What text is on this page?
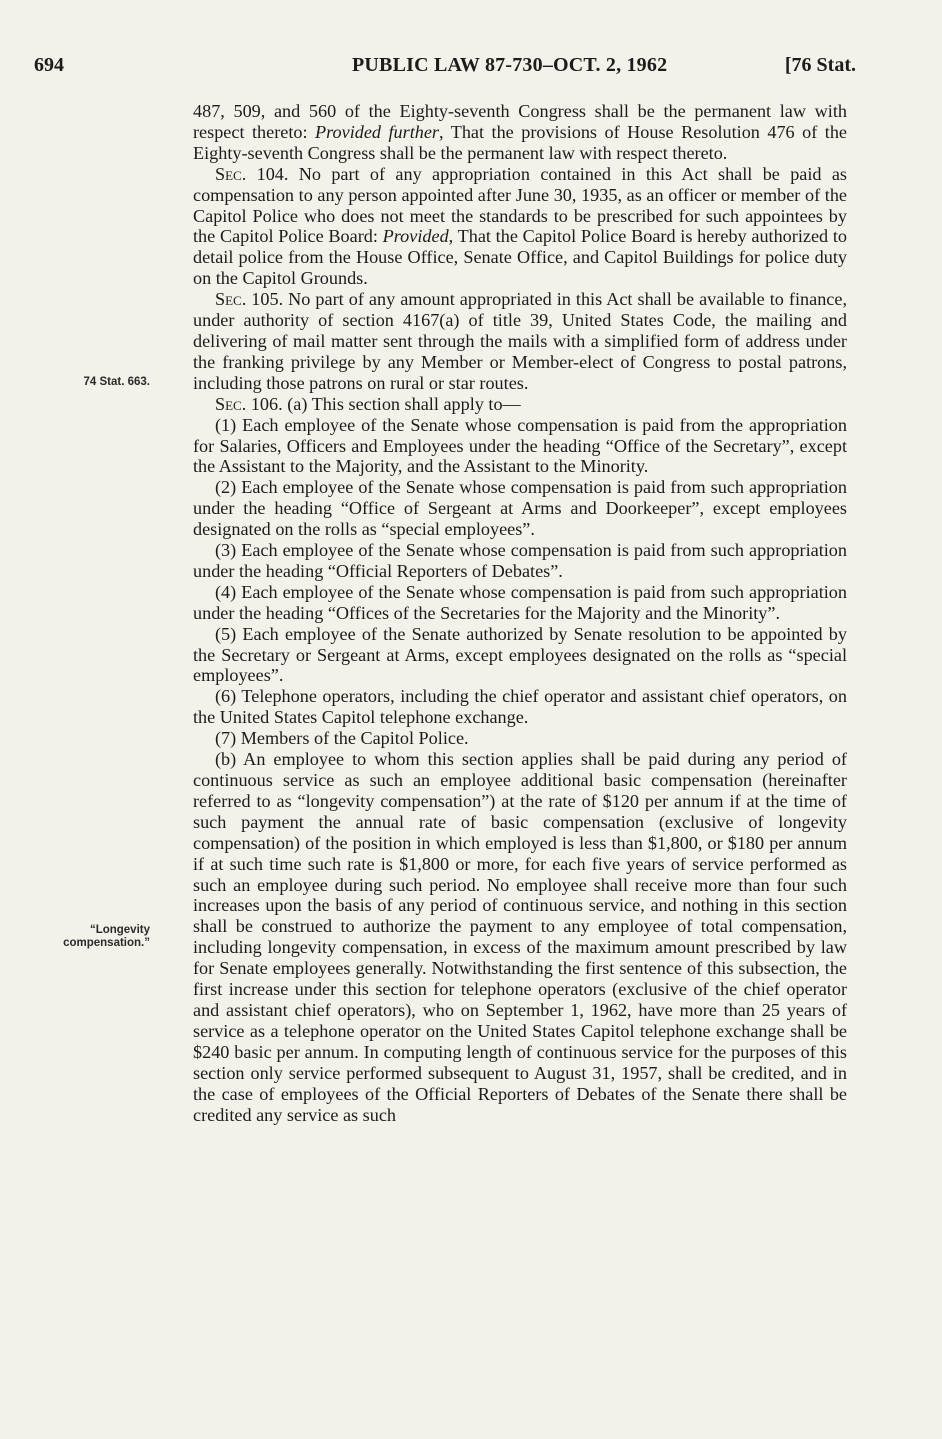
694	PUBLIC LAW 87-730–OCT. 2, 1962	[76 Stat.
74 Stat. 663.
“Longevity compensation.”

487, 509, and 560 of the Eighty-seventh Congress shall be the permanent law with respect thereto: Provided further, That the provisions of House Resolution 476 of the Eighty-seventh Congress shall be the permanent law with respect thereto.

Sec. 104. No part of any appropriation contained in this Act shall be paid as compensation to any person appointed after June 30, 1935, as an officer or member of the Capitol Police who does not meet the standards to be prescribed for such appointees by the Capitol Police Board: Provided, That the Capitol Police Board is hereby authorized to detail police from the House Office, Senate Office, and Capitol Buildings for police duty on the Capitol Grounds.

Sec. 105. No part of any amount appropriated in this Act shall be available to finance, under authority of section 4167(a) of title 39, United States Code, the mailing and delivering of mail matter sent through the mails with a simplified form of address under the franking privilege by any Member or Member-elect of Congress to postal patrons, including those patrons on rural or star routes.

Sec. 106. (a) This section shall apply to—

(1) Each employee of the Senate whose compensation is paid from the appropriation for Salaries, Officers and Employees under the heading “Office of the Secretary”, except the Assistant to the Majority, and the Assistant to the Minority.

(2) Each employee of the Senate whose compensation is paid from such appropriation under the heading “Office of Sergeant at Arms and Doorkeeper”, except employees designated on the rolls as “special employees”.

(3) Each employee of the Senate whose compensation is paid from such appropriation under the heading “Official Reporters of Debates”.

(4) Each employee of the Senate whose compensation is paid from such appropriation under the heading “Offices of the Secretaries for the Majority and the Minority”.

(5) Each employee of the Senate authorized by Senate resolution to be appointed by the Secretary or Sergeant at Arms, except employees designated on the rolls as “special employees”.

(6) Telephone operators, including the chief operator and assistant chief operators, on the United States Capitol telephone exchange.

(7) Members of the Capitol Police.

(b) An employee to whom this section applies shall be paid during any period of continuous service as such an employee additional basic compensation (hereinafter referred to as “longevity compensation”) at the rate of $120 per annum if at the time of such payment the annual rate of basic compensation (exclusive of longevity compensation) of the position in which employed is less than $1,800, or $180 per annum if at such time such rate is $1,800 or more, for each five years of service performed as such an employee during such period. No employee shall receive more than four such increases upon the basis of any period of continuous service, and nothing in this section shall be construed to authorize the payment to any employee of total compensation, including longevity compensation, in excess of the maximum amount prescribed by law for Senate employees generally. Notwithstanding the first sentence of this subsection, the first increase under this section for telephone operators (exclusive of the chief operator and assistant chief operators), who on September 1, 1962, have more than 25 years of service as a telephone operator on the United States Capitol telephone exchange shall be $240 basic per annum. In computing length of continuous service for the purposes of this section only service performed subsequent to August 31, 1957, shall be credited, and in the case of employees of the Official Reporters of Debates of the Senate there shall be credited any service as such
